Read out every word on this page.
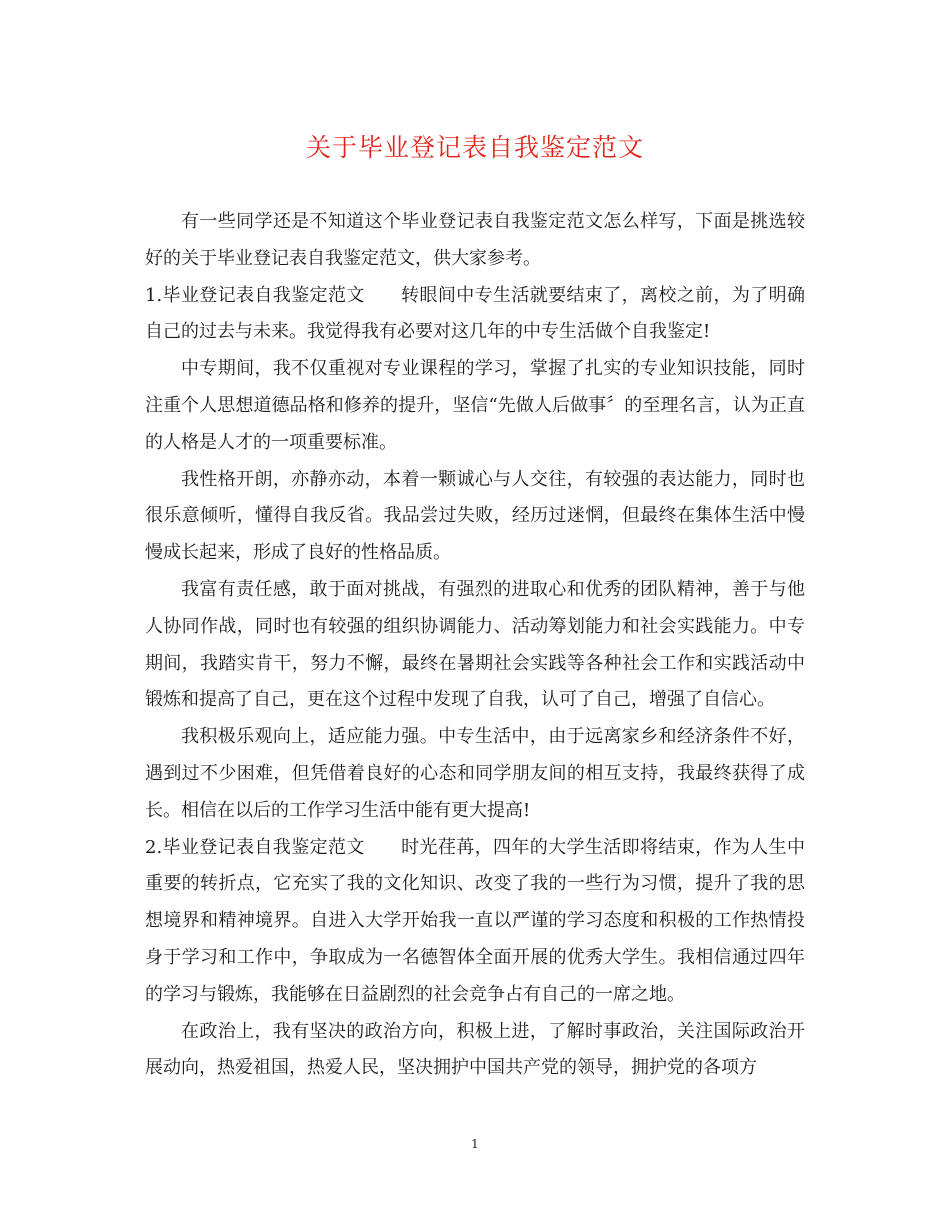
关于毕业登记表自我鉴定范文

有一些同学还是不知道这个毕业登记表自我鉴定范文怎么样写，下面是挑选较好的关于毕业登记表自我鉴定范文，供大家参考。

1.毕业登记表自我鉴定范文 转眼间中专生活就要结束了，离校之前，为了明确自己的过去与未来。我觉得我有必要对这几年的中专生活做个自我鉴定!

中专期间，我不仅重视对专业课程的学习，掌握了扎实的专业知识技能，同时注重个人思想道德品格和修养的提升，坚信“先做人后做事〞的至理名言，认为正直的人格是人才的一项重要标准。

我性格开朗，亦静亦动，本着一颗诚心与人交往，有较强的表达能力，同时也很乐意倾听，懂得自我反省。我品尝过失败，经历过迷惘，但最终在集体生活中慢慢成长起来，形成了良好的性格品质。

我富有责任感，敢于面对挑战，有强烈的进取心和优秀的团队精神，善于与他人协同作战，同时也有较强的组织协调能力、活动筹划能力和社会实践能力。中专期间，我踏实肯干，努力不懈，最终在暑期社会实践等各种社会工作和实践活动中锻炼和提高了自己，更在这个过程中发现了自我，认可了自己，增强了自信心。

我积极乐观向上，适应能力强。中专生活中，由于远离家乡和经济条件不好，遇到过不少困难，但凭借着良好的心态和同学朋友间的相互支持，我最终获得了成长。相信在以后的工作学习生活中能有更大提高!

2.毕业登记表自我鉴定范文 时光荏苒，四年的大学生活即将结束，作为人生中重要的转折点，它充实了我的文化知识、改变了我的一些行为习惯，提升了我的思想境界和精神境界。自进入大学开始我一直以严谨的学习态度和积极的工作热情投身于学习和工作中，争取成为一名德智体全面开展的优秀大学生。我相信通过四年的学习与锻炼，我能够在日益剧烈的社会竞争占有自己的一席之地。

在政治上，我有坚决的政治方向，积极上进，了解时事政治，关注国际政治开展动向，热爱祖国，热爱人民，坚决拥护中国共产党的领导，拥护党的各项方

1
